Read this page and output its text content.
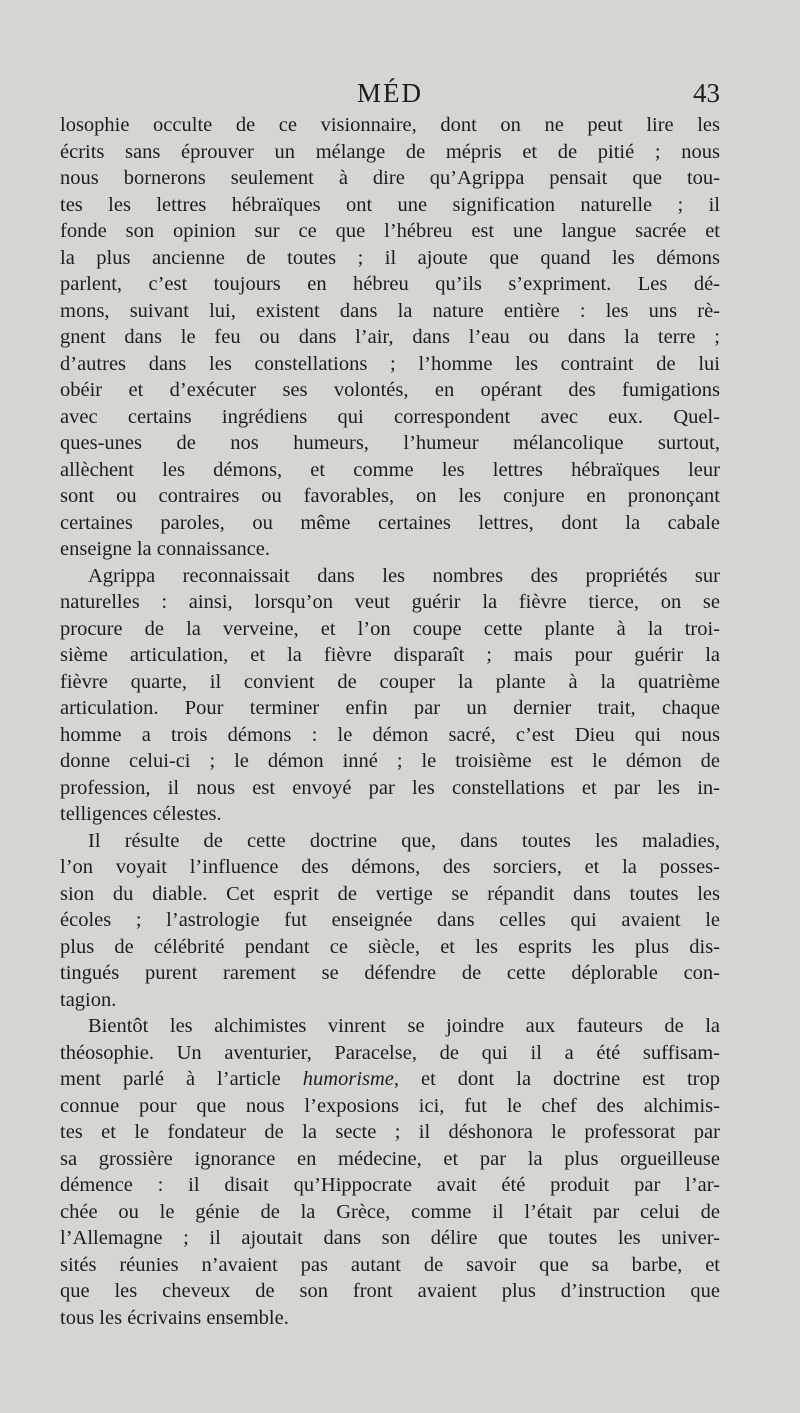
MÉD	43
losophie occulte de ce visionnaire, dont on ne peut lire les
écrits sans éprouver un mélange de mépris et de pitié ; nous
nous bornerons seulement à dire qu’Agrippa pensait que tou-
tes les lettres hébraïques ont une signification naturelle ; il
fonde son opinion sur ce que l’hébreu est une langue sacrée et
la plus ancienne de toutes ; il ajoute que quand les démons
parlent, c’est toujours en hébreu qu’ils s’expriment. Les dé-
mons, suivant lui, existent dans la nature entière : les uns rè-
gnent dans le feu ou dans l’air, dans l’eau ou dans la terre ;
d’autres dans les constellations ; l’homme les contraint de lui
obéir et d’exécuter ses volontés, en opérant des fumigations
avec certains ingrédiens qui correspondent avec eux. Quel-
ques-unes de nos humeurs, l’humeur mélancolique surtout,
allèchent les démons, et comme les lettres hébraïques leur
sont ou contraires ou favorables, on les conjure en prononçant
certaines paroles, ou même certaines lettres, dont la cabale
enseigne la connaissance.
Agrippa reconnaissait dans les nombres des propriétés sur
naturelles : ainsi, lorsqu’on veut guérir la fièvre tierce, on se
procure de la verveine, et l’on coupe cette plante à la troi-
sième articulation, et la fièvre disparaît ; mais pour guérir la
fièvre quarte, il convient de couper la plante à la quatrième
articulation. Pour terminer enfin par un dernier trait, chaque
homme a trois démons : le démon sacré, c’est Dieu qui nous
donne celui-ci ; le démon inné ; le troisième est le démon de
profession, il nous est envoyé par les constellations et par les in-
telligences célestes.
Il résulte de cette doctrine que, dans toutes les maladies,
l’on voyait l’influence des démons, des sorciers, et la posses-
sion du diable. Cet esprit de vertige se répandit dans toutes les
écoles ; l’astrologie fut enseignée dans celles qui avaient le
plus de célébrité pendant ce siècle, et les esprits les plus dis-
tingués purent rarement se défendre de cette déplorable con-
tagion.
Bientôt les alchimistes vinrent se joindre aux fauteurs de la
théosophie. Un aventurier, Paracelse, de qui il a été suffisam-
ment parlé à l’article humorisme, et dont la doctrine est trop
connue pour que nous l’exposions ici, fut le chef des alchimis-
tes et le fondateur de la secte ; il déshonora le professorat par
sa grossière ignorance en médecine, et par la plus orgueilleuse
démence : il disait qu’Hippocrate avait été produit par l’ar-
chée ou le génie de la Grèce, comme il l’était par celui de
l’Allemagne ; il ajoutait dans son délire que toutes les univer-
sités réunies n’avaient pas autant de savoir que sa barbe, et
que les cheveux de son front avaient plus d’instruction que
tous les écrivains ensemble.
